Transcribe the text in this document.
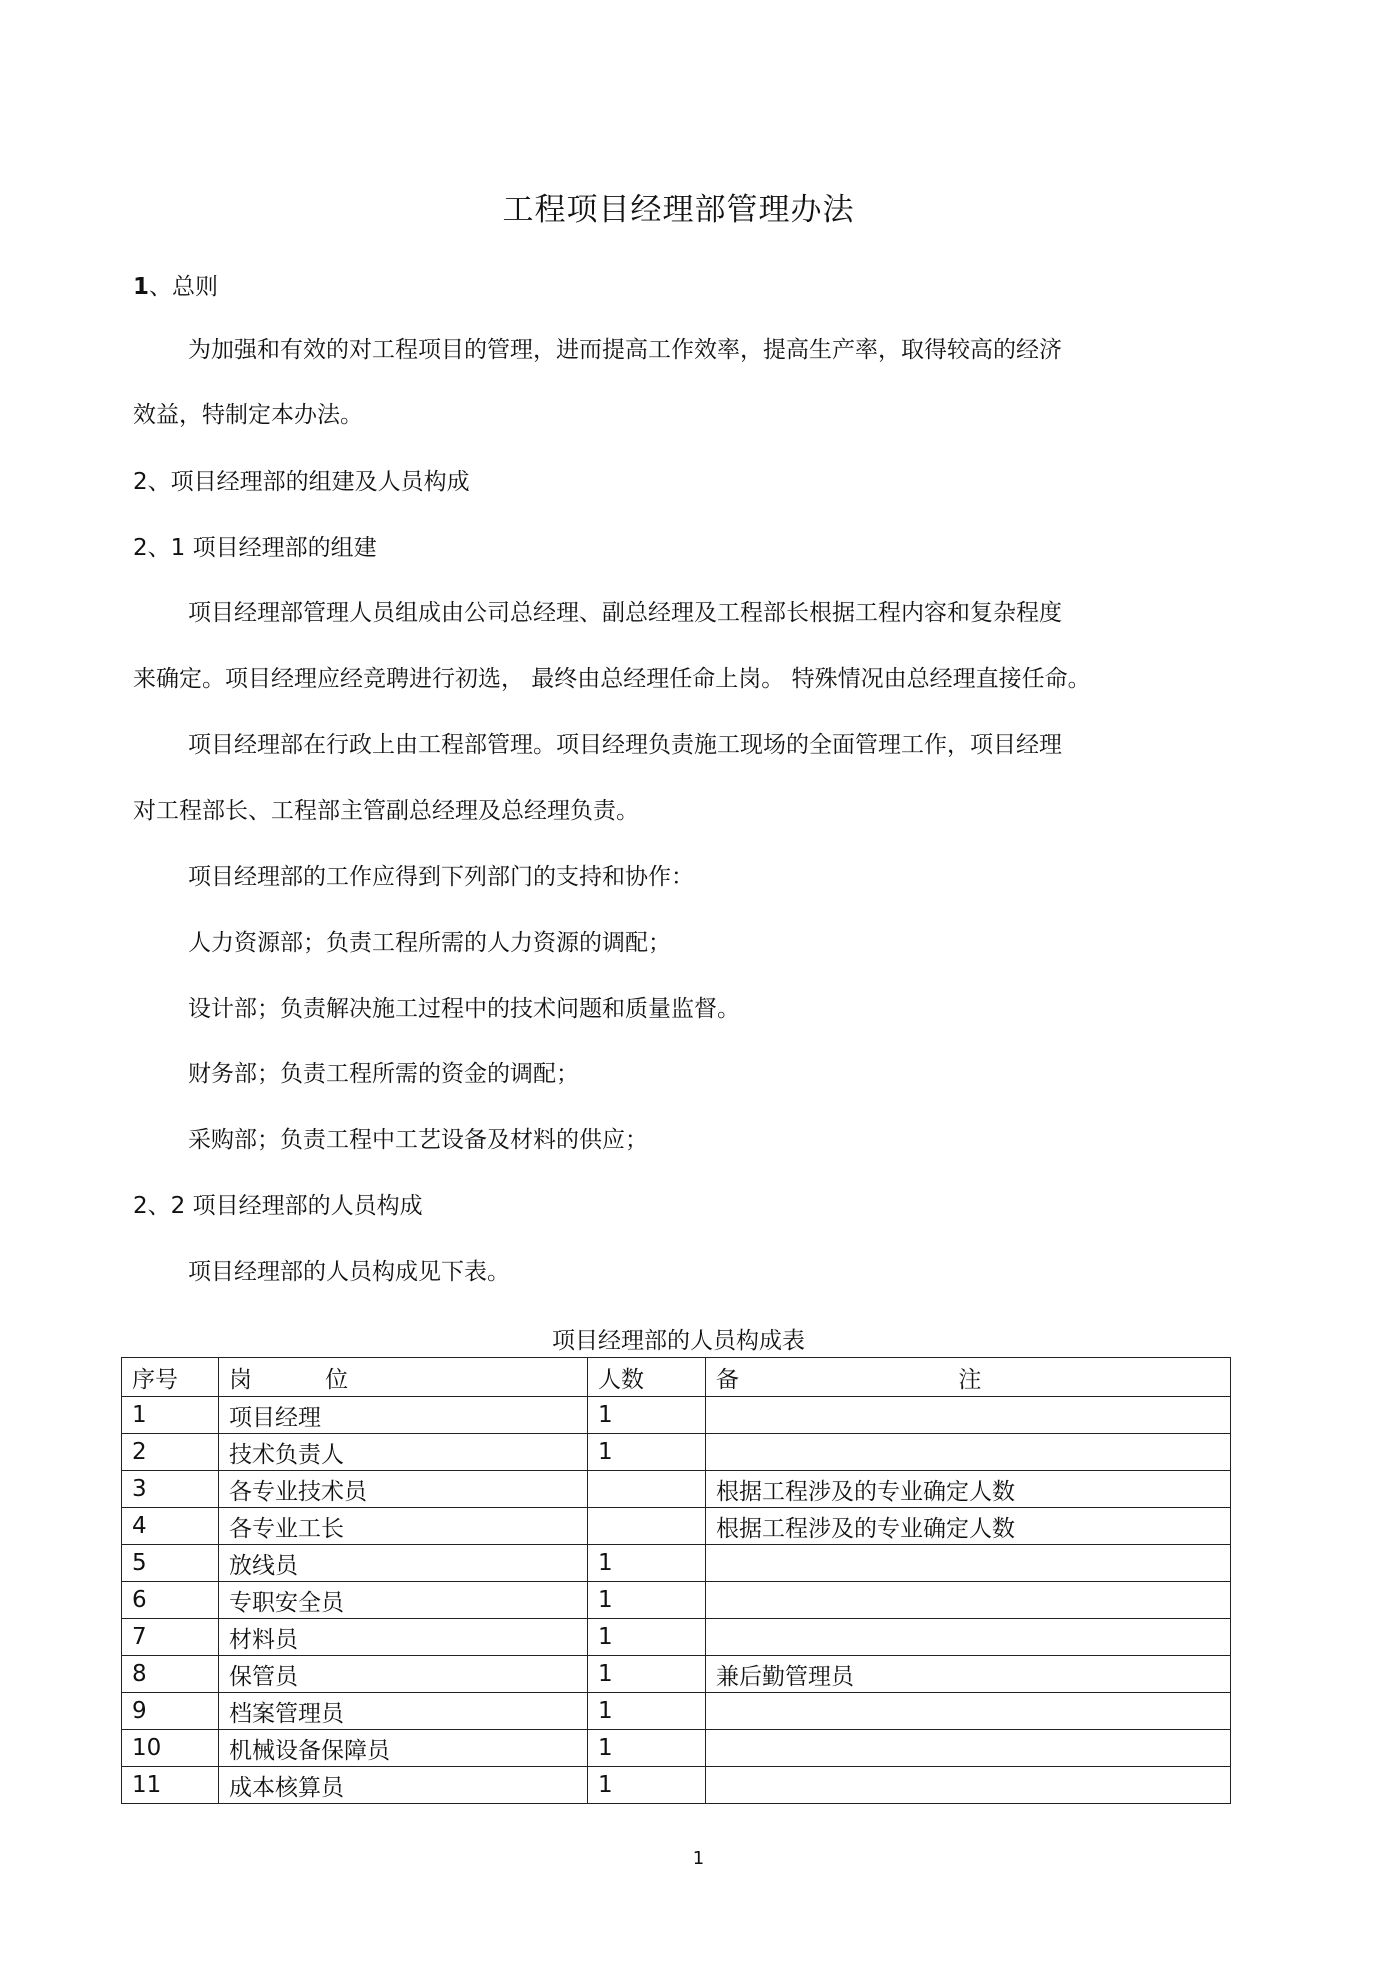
工程项目经理部管理办法
1、总则
为加强和有效的对工程项目的管理，进而提高工作效率，提高生产率，取得较高的经济
效益，特制定本办法。
2、项目经理部的组建及人员构成
2、1 项目经理部的组建
项目经理部管理人员组成由公司总经理、副总经理及工程部长根据工程内容和复杂程度
来确定。项目经理应经竞聘进行初选， 最终由总经理任命上岗。 特殊情况由总经理直接任命。
项目经理部在行政上由工程部管理。项目经理负责施工现场的全面管理工作，项目经理
对工程部长、工程部主管副总经理及总经理负责。
项目经理部的工作应得到下列部门的支持和协作：
人力资源部；负责工程所需的人力资源的调配；
设计部；负责解决施工过程中的技术问题和质量监督。
财务部；负责工程所需的资金的调配；
采购部；负责工程中工艺设备及材料的供应；
2、2 项目经理部的人员构成
项目经理部的人员构成见下表。
项目经理部的人员构成表
序号	岗          位	人数	备                              注
1	项目经理	1	
2	技术负责人	1	
3	各专业技术员		根据工程涉及的专业确定人数
4	各专业工长		根据工程涉及的专业确定人数
5	放线员	1	
6	专职安全员	1	
7	材料员	1	
8	保管员	1	兼后勤管理员
9	档案管理员	1	
10	机械设备保障员	1	
11	成本核算员	1	
1
